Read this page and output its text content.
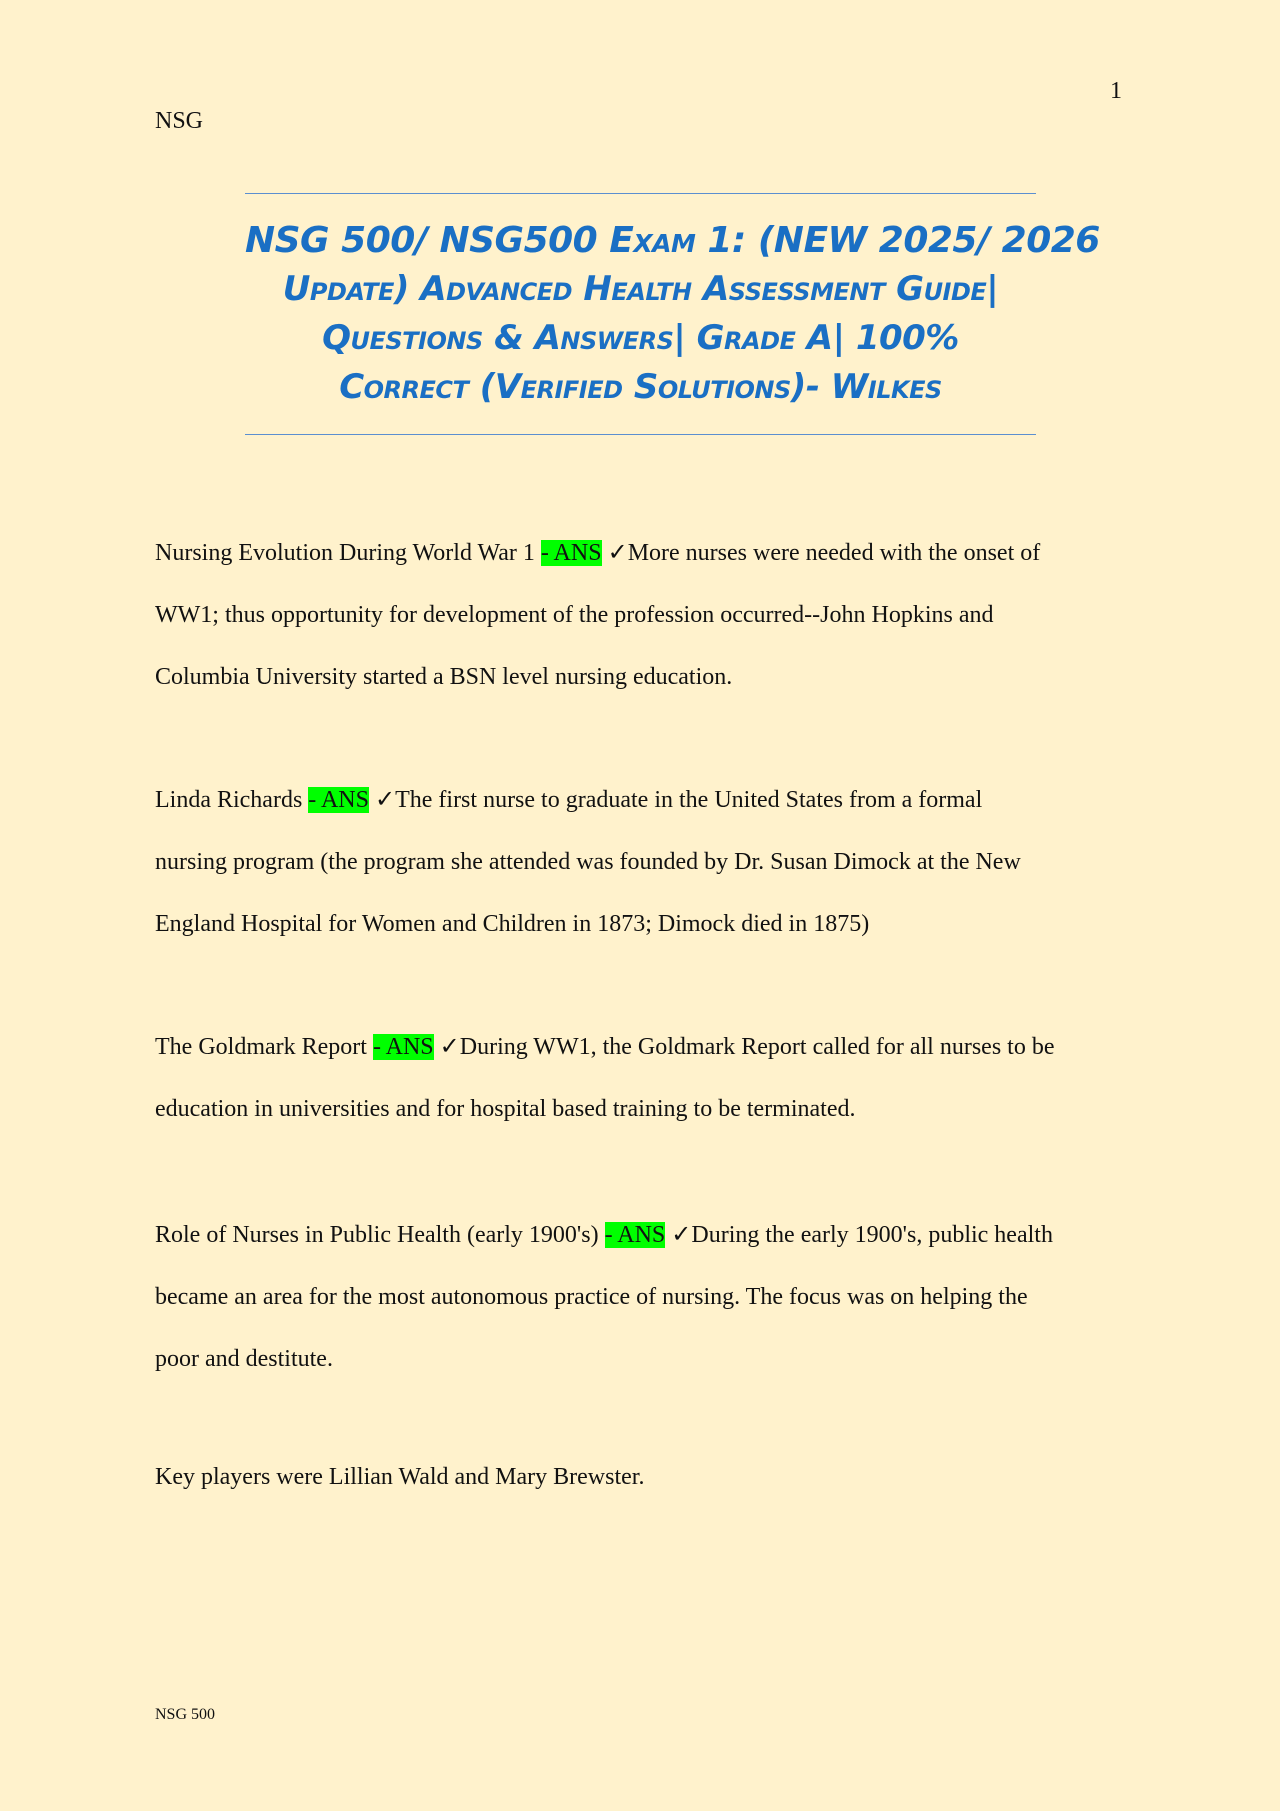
1
NSG
NSG 500/ NSG500 Exam 1: (NEW 2025/ 2026
Update) Advanced Health Assessment Guide|
Questions & Answers| Grade A| 100%
Correct (Verified Solutions)- Wilkes
Nursing Evolution During World War 1 - ANS ✓More nurses were needed with the onset of
WW1; thus opportunity for development of the profession occurred--John Hopkins and
Columbia University started a BSN level nursing education.
Linda Richards - ANS ✓The first nurse to graduate in the United States from a formal
nursing program (the program she attended was founded by Dr. Susan Dimock at the New
England Hospital for Women and Children in 1873; Dimock died in 1875)
The Goldmark Report - ANS ✓During WW1, the Goldmark Report called for all nurses to be
education in universities and for hospital based training to be terminated.
Role of Nurses in Public Health (early 1900's) - ANS ✓During the early 1900's, public health
became an area for the most autonomous practice of nursing. The focus was on helping the
poor and destitute.
Key players were Lillian Wald and Mary Brewster.
NSG 500
